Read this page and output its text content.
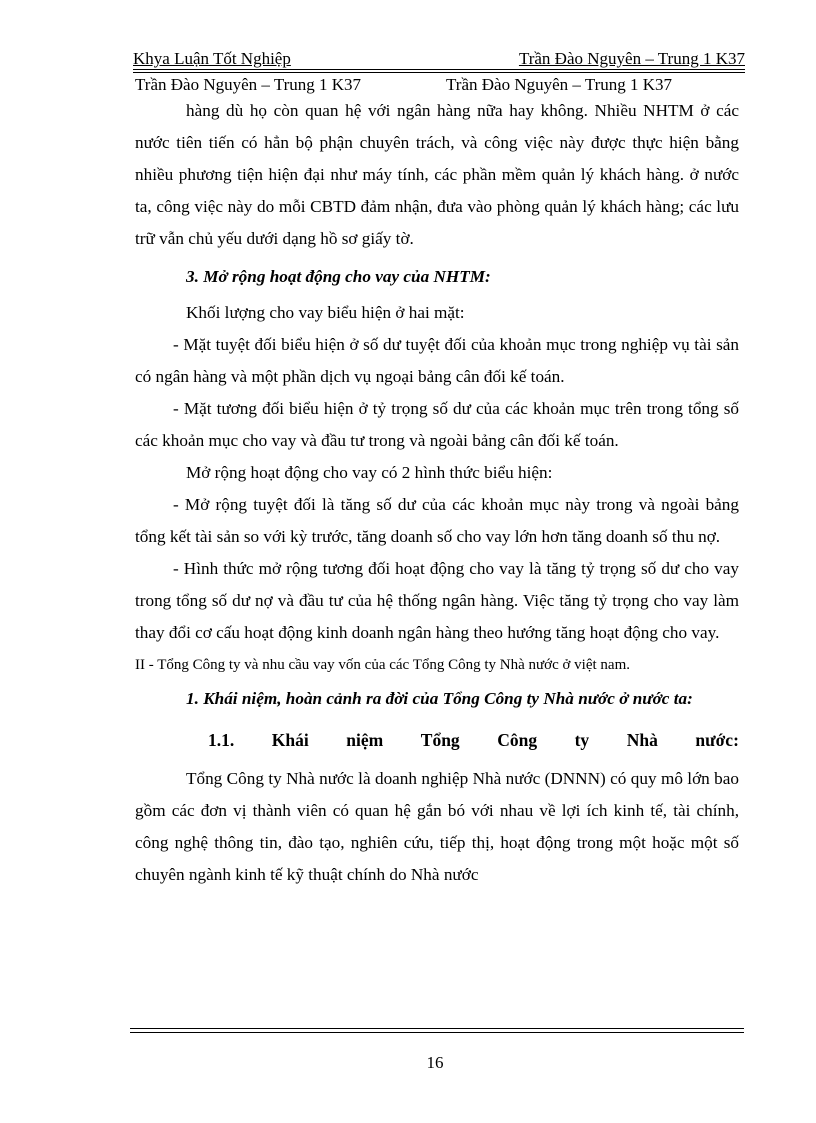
Khya Luận Tốt Nghiệp	Trần Đào Nguyên – Trung 1 K37
Trần Đào Nguyên – Trung 1 K37	Trần Đào Nguyên – Trung 1 K37

hàng dù họ còn quan hệ với ngân hàng nữa hay không. Nhiều NHTM ở các nước tiên tiến có hẳn bộ phận chuyên trách, và công việc này được thực hiện bằng nhiều phương tiện hiện đại như máy tính, các phần mềm quản lý khách hàng. ở nước ta, công việc này do mỗi CBTD đảm nhận, đưa vào phòng quản lý khách hàng; các lưu trữ vẫn chủ yếu dưới dạng hồ sơ giấy tờ.

3. Mở rộng hoạt động cho vay của NHTM:

Khối lượng cho vay biểu hiện ở hai mặt:

- Mặt tuyệt đối biểu hiện ở số dư tuyệt đối của khoản mục trong nghiệp vụ tài sản có ngân hàng và một phần dịch vụ ngoại bảng cân đối kế toán.

- Mặt tương đối biểu hiện ở tỷ trọng số dư của các khoản mục trên trong tổng số các khoản mục cho vay và đầu tư trong và ngoài bảng cân đối kế toán.

Mở rộng hoạt động cho vay có 2 hình thức biểu hiện:

- Mở rộng tuyệt đối là tăng số dư của các khoản mục này trong và ngoài bảng tổng kết tài sản so với kỳ trước, tăng doanh số cho vay lớn hơn tăng doanh số thu nợ.

- Hình thức mở rộng tương đối hoạt động cho vay là tăng tỷ trọng số dư cho vay trong tổng số dư nợ và đầu tư của hệ thống ngân hàng. Việc tăng tỷ trọng cho vay làm thay đổi cơ cấu hoạt động kinh doanh ngân hàng theo hướng tăng hoạt động cho vay.

II - Tổng Công ty và nhu cầu vay vốn của các Tổng Công ty Nhà nước ở việt nam.

1. Khái niệm, hoàn cảnh ra đời của Tổng Công ty Nhà nước ở nước ta:

1.1. Khái niệm Tổng Công ty Nhà nước:

Tổng Công ty Nhà nước là doanh nghiệp Nhà nước (DNNN) có quy mô lớn bao gồm các đơn vị thành viên có quan hệ gắn bó với nhau về lợi ích kinh tế, tài chính, công nghệ thông tin, đào tạo, nghiên cứu, tiếp thị, hoạt động trong một hoặc một số chuyên ngành kinh tế kỹ thuật chính do Nhà nước

16
